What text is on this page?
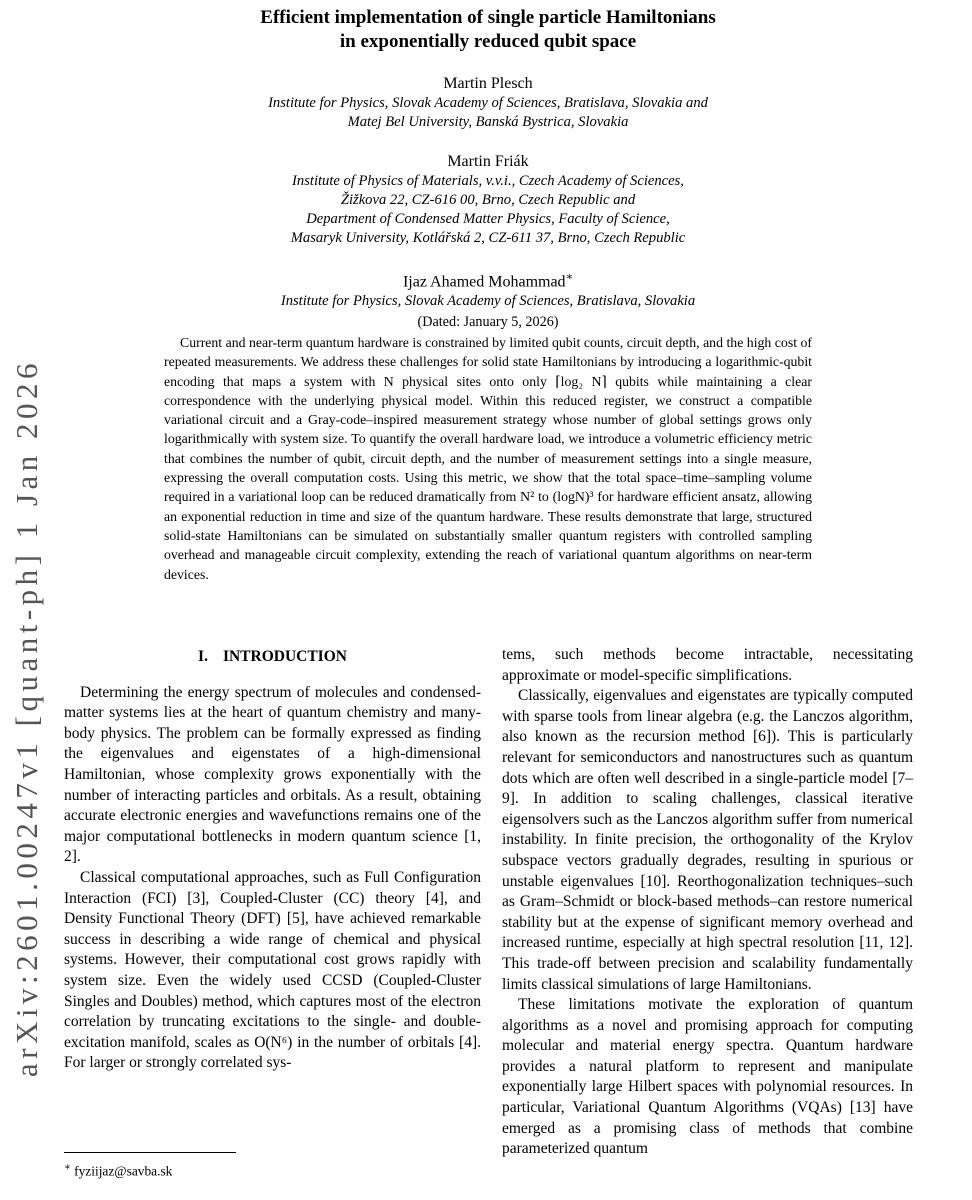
arXiv:2601.00247v1 [quant-ph] 1 Jan 2026
Efficient implementation of single particle Hamiltonians
in exponentially reduced qubit space
Martin Plesch
Institute for Physics, Slovak Academy of Sciences, Bratislava, Slovakia and
Matej Bel University, Banská Bystrica, Slovakia
Martin Friák
Institute of Physics of Materials, v.v.i., Czech Academy of Sciences,
Žižkova 22, CZ-616 00, Brno, Czech Republic and
Department of Condensed Matter Physics, Faculty of Science,
Masaryk University, Kotlářská 2, CZ-611 37, Brno, Czech Republic
Ijaz Ahamed Mohammad∗
Institute for Physics, Slovak Academy of Sciences, Bratislava, Slovakia
(Dated: January 5, 2026)

Current and near-term quantum hardware is constrained by limited qubit counts, circuit depth, and the high cost of repeated measurements. We address these challenges for solid state Hamiltonians by introducing a logarithmic-qubit encoding that maps a system with N physical sites onto only ⌈log₂ N⌉ qubits while maintaining a clear correspondence with the underlying physical model. Within this reduced register, we construct a compatible variational circuit and a Gray-code–inspired measurement strategy whose number of global settings grows only logarithmically with system size. To quantify the overall hardware load, we introduce a volumetric efficiency metric that combines the number of qubit, circuit depth, and the number of measurement settings into a single measure, expressing the overall computation costs. Using this metric, we show that the total space–time–sampling volume required in a variational loop can be reduced dramatically from N² to (logN)³ for hardware efficient ansatz, allowing an exponential reduction in time and size of the quantum hardware. These results demonstrate that large, structured solid-state Hamiltonians can be simulated on substantially smaller quantum registers with controlled sampling overhead and manageable circuit complexity, extending the reach of variational quantum algorithms on near-term devices.

I. INTRODUCTION

Determining the energy spectrum of molecules and condensed-matter systems lies at the heart of quantum chemistry and many-body physics. The problem can be formally expressed as finding the eigenvalues and eigenstates of a high-dimensional Hamiltonian, whose complexity grows exponentially with the number of interacting particles and orbitals. As a result, obtaining accurate electronic energies and wavefunctions remains one of the major computational bottlenecks in modern quantum science [1, 2].

Classical computational approaches, such as Full Configuration Interaction (FCI) [3], Coupled-Cluster (CC) theory [4], and Density Functional Theory (DFT) [5], have achieved remarkable success in describing a wide range of chemical and physical systems. However, their computational cost grows rapidly with system size. Even the widely used CCSD (Coupled-Cluster Singles and Doubles) method, which captures most of the electron correlation by truncating excitations to the single- and double-excitation manifold, scales as O(N⁶) in the number of orbitals [4]. For larger or strongly correlated sys-

tems, such methods become intractable, necessitating approximate or model-specific simplifications.

Classically, eigenvalues and eigenstates are typically computed with sparse tools from linear algebra (e.g. the Lanczos algorithm, also known as the recursion method [6]). This is particularly relevant for semiconductors and nanostructures such as quantum dots which are often well described in a single-particle model [7–9]. In addition to scaling challenges, classical iterative eigensolvers such as the Lanczos algorithm suffer from numerical instability. In finite precision, the orthogonality of the Krylov subspace vectors gradually degrades, resulting in spurious or unstable eigenvalues [10]. Reorthogonalization techniques–such as Gram–Schmidt or block-based methods–can restore numerical stability but at the expense of significant memory overhead and increased runtime, especially at high spectral resolution [11, 12]. This trade-off between precision and scalability fundamentally limits classical simulations of large Hamiltonians.

These limitations motivate the exploration of quantum algorithms as a novel and promising approach for computing molecular and material energy spectra. Quantum hardware provides a natural platform to represent and manipulate exponentially large Hilbert spaces with polynomial resources. In particular, Variational Quantum Algorithms (VQAs) [13] have emerged as a promising class of methods that combine parameterized quantum

∗ fyziijaz@savba.sk
